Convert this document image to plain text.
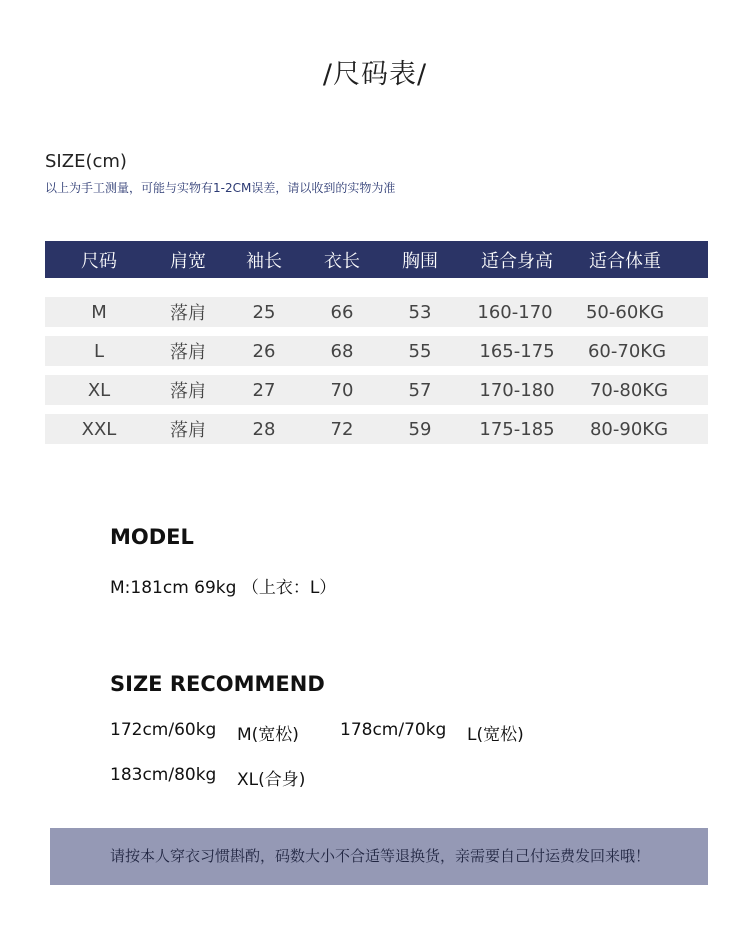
/尺码表/
SIZE(cm)
以上为手工测量，可能与实物有1-2CM误差，请以收到的实物为准
尺码	肩宽 袖长 衣长 胸围 适合身高 适合体重
M	落肩	25	66	53	160-170 50-60KG
L	落肩	26	68	55	165-175 60-70KG
XL	落肩	27	70	57	170-180 70-80KG
XXL	落肩	28	72	59	175-185 80-90KG
MODEL
M:181cm 69kg （上衣：L）
SIZE RECOMMEND
172cm/60kg M(宽松) 178cm/70kg L(宽松)
183cm/80kg XL(合身)
请按本人穿衣习惯斟酌，码数大小不合适等退换货，亲需要自己付运费发回来哦！
